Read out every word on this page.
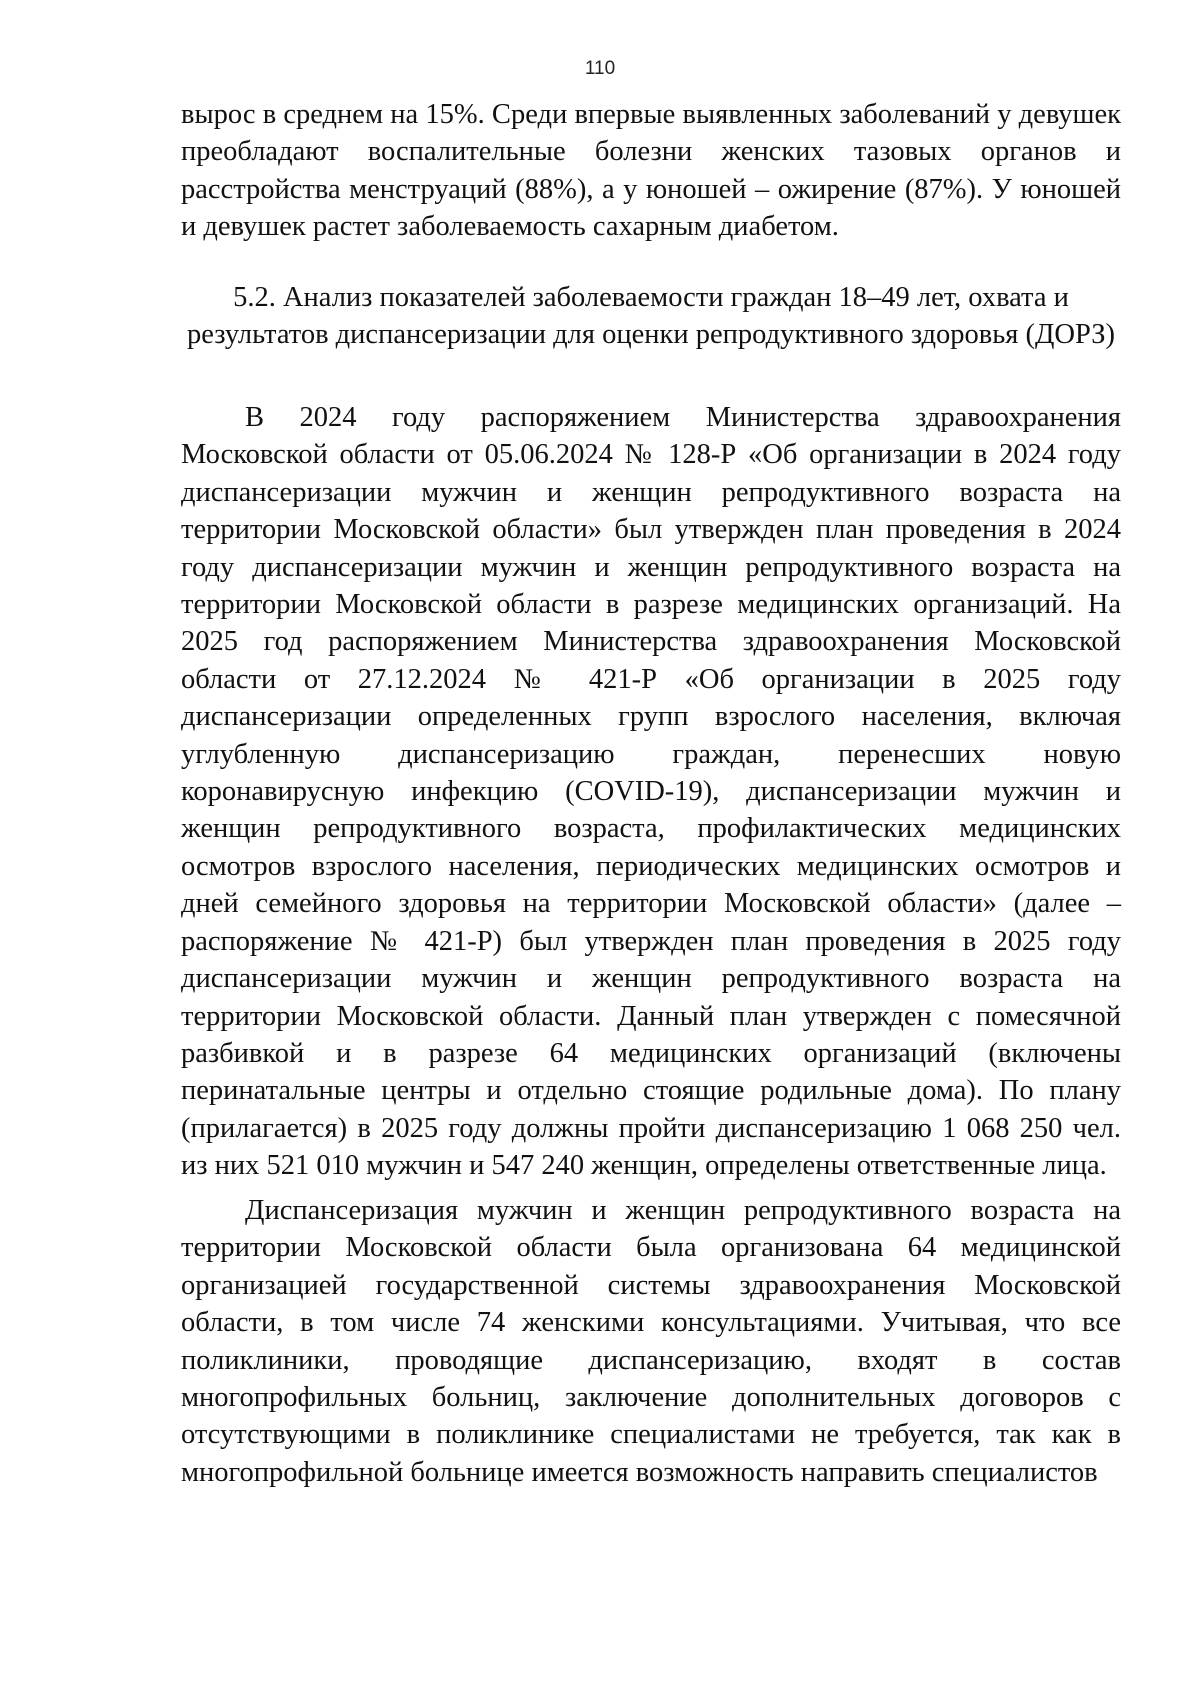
110

вырос в среднем на 15%. Среди впервые выявленных заболеваний у девушек преобладают воспалительные болезни женских тазовых органов и расстройства менструаций (88%), а у юношей – ожирение (87%). У юношей и девушек растет заболеваемость сахарным диабетом.

5.2. Анализ показателей заболеваемости граждан 18–49 лет, охвата и результатов диспансеризации для оценки репродуктивного здоровья (ДОРЗ)

В 2024 году распоряжением Министерства здравоохранения Московской области от 05.06.2024 № 128-Р «Об организации в 2024 году диспансеризации мужчин и женщин репродуктивного возраста на территории Московской области» был утвержден план проведения в 2024 году диспансеризации мужчин и женщин репродуктивного возраста на территории Московской области в разрезе медицинских организаций. На 2025 год распоряжением Министерства здравоохранения Московской области от 27.12.2024 № 421-Р «Об организации в 2025 году диспансеризации определенных групп взрослого населения, включая углубленную диспансеризацию граждан, перенесших новую коронавирусную инфекцию (COVID-19), диспансеризации мужчин и женщин репродуктивного возраста, профилактических медицинских осмотров взрослого населения, периодических медицинских осмотров и дней семейного здоровья на территории Московской области» (далее – распоряжение № 421-Р) был утвержден план проведения в 2025 году диспансеризации мужчин и женщин репродуктивного возраста на территории Московской области. Данный план утвержден с помесячной разбивкой и в разрезе 64 медицинских организаций (включены перинатальные центры и отдельно стоящие родильные дома). По плану (прилагается) в 2025 году должны пройти диспансеризацию 1 068 250 чел. из них 521 010 мужчин и 547 240 женщин, определены ответственные лица.

Диспансеризация мужчин и женщин репродуктивного возраста на территории Московской области была организована 64 медицинской организацией государственной системы здравоохранения Московской области, в том числе 74 женскими консультациями. Учитывая, что все поликлиники, проводящие диспансеризацию, входят в состав многопрофильных больниц, заключение дополнительных договоров с отсутствующими в поликлинике специалистами не требуется, так как в многопрофильной больнице имеется возможность направить специалистов
